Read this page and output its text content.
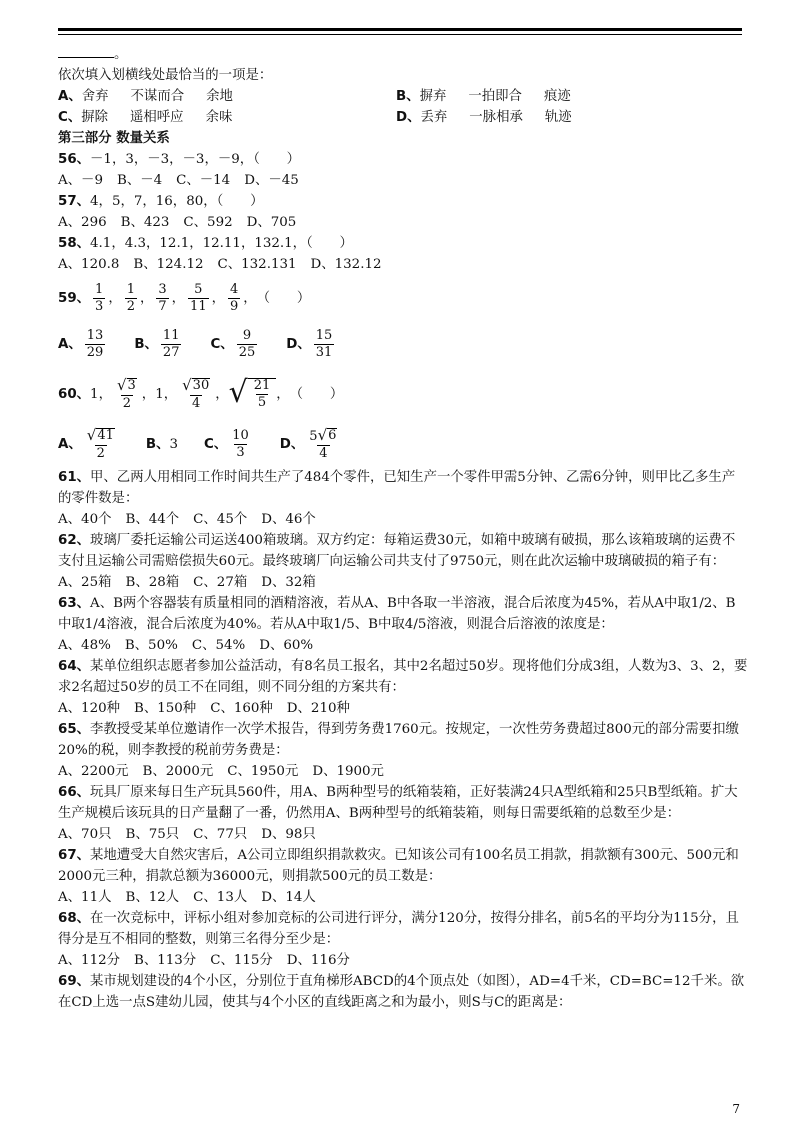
。
依次填入划横线处最恰当的一项是：
A、舍弃 不谋而合 余地	B、摒弃 一拍即合 痕迹
C、摒除 遥相呼应 余味	D、丢弃 一脉相承 轨迹
第三部分 数量关系
56、－1，3，－3，－3，－9，（　　）
A、－9 B、－4 C、－14 D、－45
57、4，5，7，16，80，（　　）
A、296 B、423 C、592 D、705
58、4.1，4.3，12.1，12.11，132.1，（　　）
A、120.8 B、124.12 C、132.131 D、132.12
59、 $\frac{1}{3}$ ， $\frac{1}{2}$ ， $\frac{3}{7}$ ， $\frac{5}{11}$ ， $\frac{4}{9}$ ， （　　）
A、 $\frac{13}{29}$ B、 $\frac{11}{27}$ C、 $\frac{9}{25}$ D、 $\frac{15}{31}$
60、 1 ， $\frac{√ 3}{2}$ ， 1 ， $\frac{√ 30}{4}$ ， √ $\frac{21}{5}$ ， （　　）
A、 $\frac{√ 41}{2}$ B、 3 C、 $\frac{10}{3}$ D、 $\frac{5 √ 6}{4}$
61、甲、乙两人用相同工作时间共生产了484个零件，已知生产一个零件甲需5分钟、乙需6分钟，则甲比乙多生产的零件数是：
A、40个 B、44个 C、45个 D、46个
62、玻璃厂委托运输公司运送400箱玻璃。双方约定：每箱运费30元，如箱中玻璃有破损，那么该箱玻璃的运费不支付且运输公司需赔偿损失60元。最终玻璃厂向运输公司共支付了9750元，则在此次运输中玻璃破损的箱子有：
A、25箱 B、28箱 C、27箱 D、32箱
63、A、B两个容器装有质量相同的酒精溶液，若从A、B中各取一半溶液，混合后浓度为45%，若从A中取1/2、B中取1/4溶液，混合后浓度为40%。若从A中取1/5、B中取4/5溶液，则混合后溶液的浓度是：
A、48% B、50% C、54% D、60%
64、某单位组织志愿者参加公益活动，有8名员工报名，其中2名超过50岁。现将他们分成3组，人数为3、3、2，要求2名超过50岁的员工不在同组，则不同分组的方案共有：
A、120种 B、150种 C、160种 D、210种
65、李教授受某单位邀请作一次学术报告，得到劳务费1760元。按规定，一次性劳务费超过800元的部分需要扣缴20%的税，则李教授的税前劳务费是：
A、2200元 B、2000元 C、1950元 D、1900元
66、玩具厂原来每日生产玩具560件，用A、B两种型号的纸箱装箱，正好装满24只A型纸箱和25只B型纸箱。扩大生产规模后该玩具的日产量翻了一番，仍然用A、B两种型号的纸箱装箱，则每日需要纸箱的总数至少是：
A、70只 B、75只 C、77只 D、98只
67、某地遭受大自然灾害后，A公司立即组织捐款救灾。已知该公司有100名员工捐款，捐款额有300元、500元和2000元三种，捐款总额为36000元，则捐款500元的员工数是：
A、11人 B、12人 C、13人 D、14人
68、在一次竞标中，评标小组对参加竞标的公司进行评分，满分120分，按得分排名，前5名的平均分为115分，且得分是互不相同的整数，则第三名得分至少是：
A、112分 B、113分 C、115分 D、116分
69、某市规划建设的4个小区，分别位于直角梯形ABCD的4个顶点处（如图），AD=4千米，CD=BC=12千米。欲在CD上选一点S建幼儿园，使其与4个小区的直线距离之和为最小，则S与C的距离是：
7
